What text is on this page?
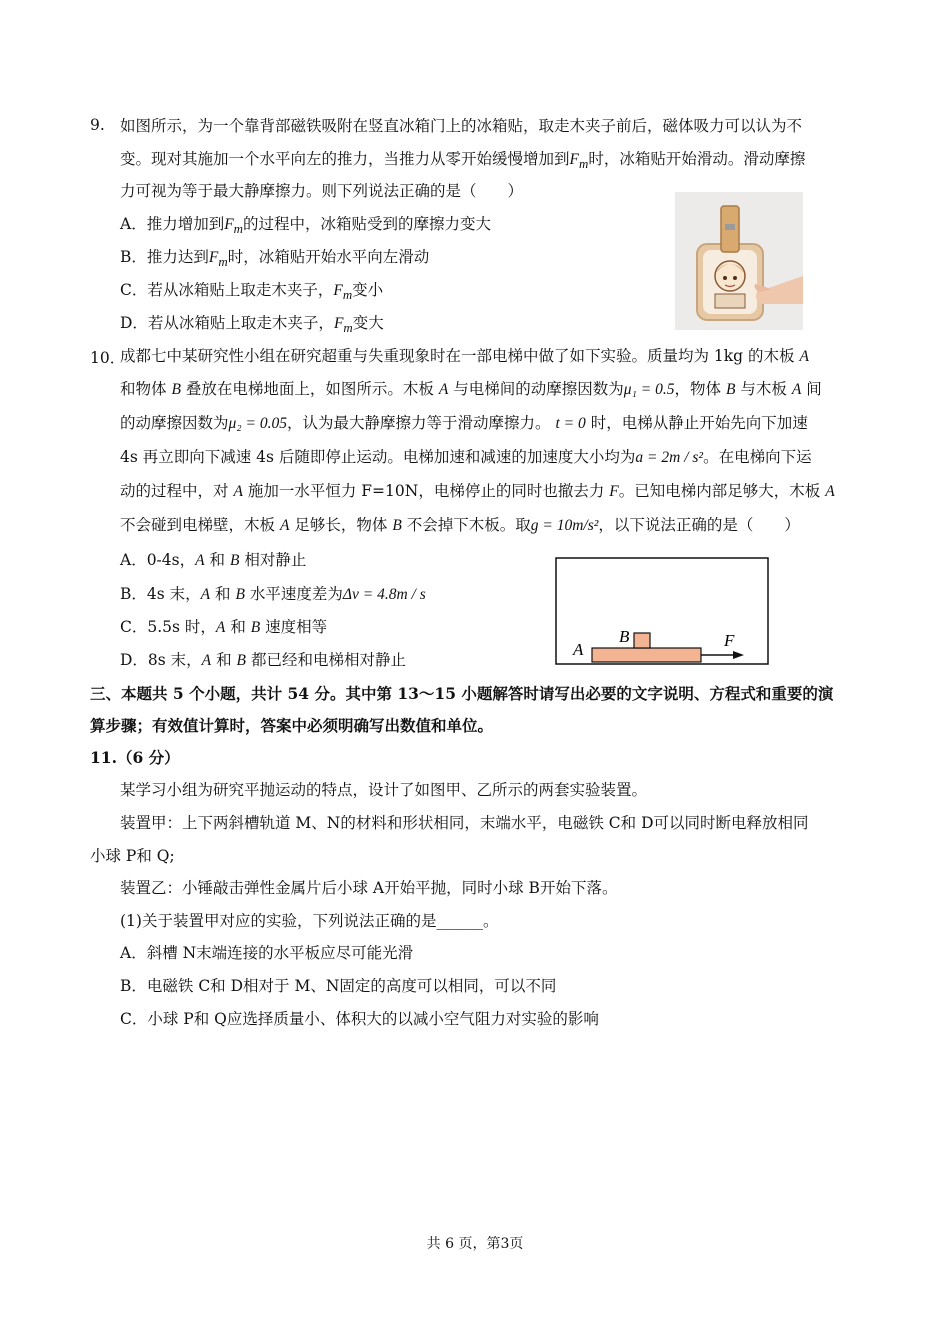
9. 如图所示，为一个靠背部磁铁吸附在竖直冰箱门上的冰箱贴，取走木夹子前后，磁体吸力可以认为不
变。现对其施加一个水平向左的推力，当推力从零开始缓慢增加到$F_m$时，冰箱贴开始滑动。滑动摩擦
力可视为等于最大静摩擦力。则下列说法正确的是（　　）
A．推力增加到$F_m$的过程中，冰箱贴受到的摩擦力变大
B．推力达到$F_m$时，冰箱贴开始水平向左滑动
C．若从冰箱贴上取走木夹子，$F_m$变小
D．若从冰箱贴上取走木夹子，$F_m$变大
10．
成都七中某研究性小组在研究超重与失重现象时在一部电梯中做了如下实验。质量均为 1kg 的木板 A
和物体 B 叠放在电梯地面上，如图所示。木板 A 与电梯间的动摩擦因数为μ₁ = 0.5，物体 B 与木板 A 间
的动摩擦因数为μ₂ = 0.05，认为最大静摩擦力等于滑动摩擦力。 t = 0 时，电梯从静止开始先向下加速
4s 再立即向下减速 4s 后随即停止运动。电梯加速和减速的加速度大小均为a = 2m / s²。在电梯向下运
动的过程中，对 A 施加一水平恒力 F=10N，电梯停止的同时也撤去力 F。已知电梯内部足够大，木板 A
不会碰到电梯壁，木板 A 足够长，物体 B 不会掉下木板。取g = 10m/s²，以下说法正确的是（　　）
A．0-4s，A 和 B 相对静止
B．4s 末，A 和 B 水平速度差为Δv = 4.8m / s
C．5.5s 时，A 和 B 速度相等
D．8s 末，A 和 B 都已经和电梯相对静止
A
B	F
三、本题共 5 个小题，共计 54 分。其中第 13～15 小题解答时请写出必要的文字说明、方程式和重要的演
算步骤；有效值计算时，答案中必须明确写出数值和单位。
11.（6 分）
某学习小组为研究平抛运动的特点，设计了如图甲、乙所示的两套实验装置。
装置甲：上下两斜槽轨道 M、N的材料和形状相同，末端水平，电磁铁 C和 D可以同时断电释放相同
小球 P和 Q;
装置乙：小锤敲击弹性金属片后小球 A开始平抛，同时小球 B开始下落。
(1)关于装置甲对应的实验，下列说法正确的是______。
A．斜槽 N末端连接的水平板应尽可能光滑
B．电磁铁 C和 D相对于 M、N固定的高度可以相同，可以不同
C．小球 P和 Q应选择质量小、体积大的以减小空气阻力对实验的影响
共 6 页，第3页
